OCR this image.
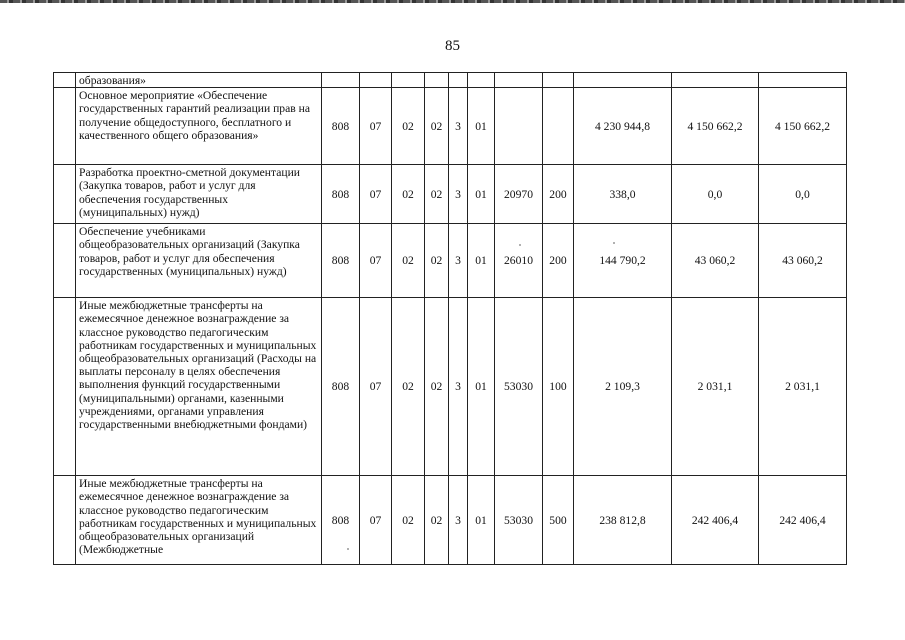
85
	образования»											
	Основное мероприятие «Обеспечение государственных гарантий реализации прав на получение общедоступного, бесплатного и качественного общего образования»	808	07	02	02	3	01			4 230 944,8	4 150 662,2	4 150 662,2
	Разработка проектно-сметной документации (Закупка товаров, работ и услуг для обеспечения государственных (муниципальных) нужд)	808	07	02	02	3	01	20970	200	338,0	0,0	0,0
	Обеспечение учебниками общеобразовательных организаций (Закупка товаров, работ и услуг для обеспечения государственных (муниципальных) нужд)	808	07	02	02	3	01	26010	200	144 790,2	43 060,2	43 060,2
	Иные межбюджетные трансферты на ежемесячное денежное вознаграждение за классное руководство педагогическим работникам государственных и муниципальных общеобразовательных организаций (Расходы на выплаты персоналу в целях обеспечения выполнения функций государственными (муниципальными) органами, казенными учреждениями, органами управления государственными внебюджетными фондами)	808	07	02	02	3	01	53030	100	2 109,3	2 031,1	2 031,1
	Иные межбюджетные трансферты на ежемесячное денежное вознаграждение за классное руководство педагогическим работникам государственных и муниципальных общеобразовательных организаций (Межбюджетные	808	07	02	02	3	01	53030	500	238 812,8	242 406,4	242 406,4
